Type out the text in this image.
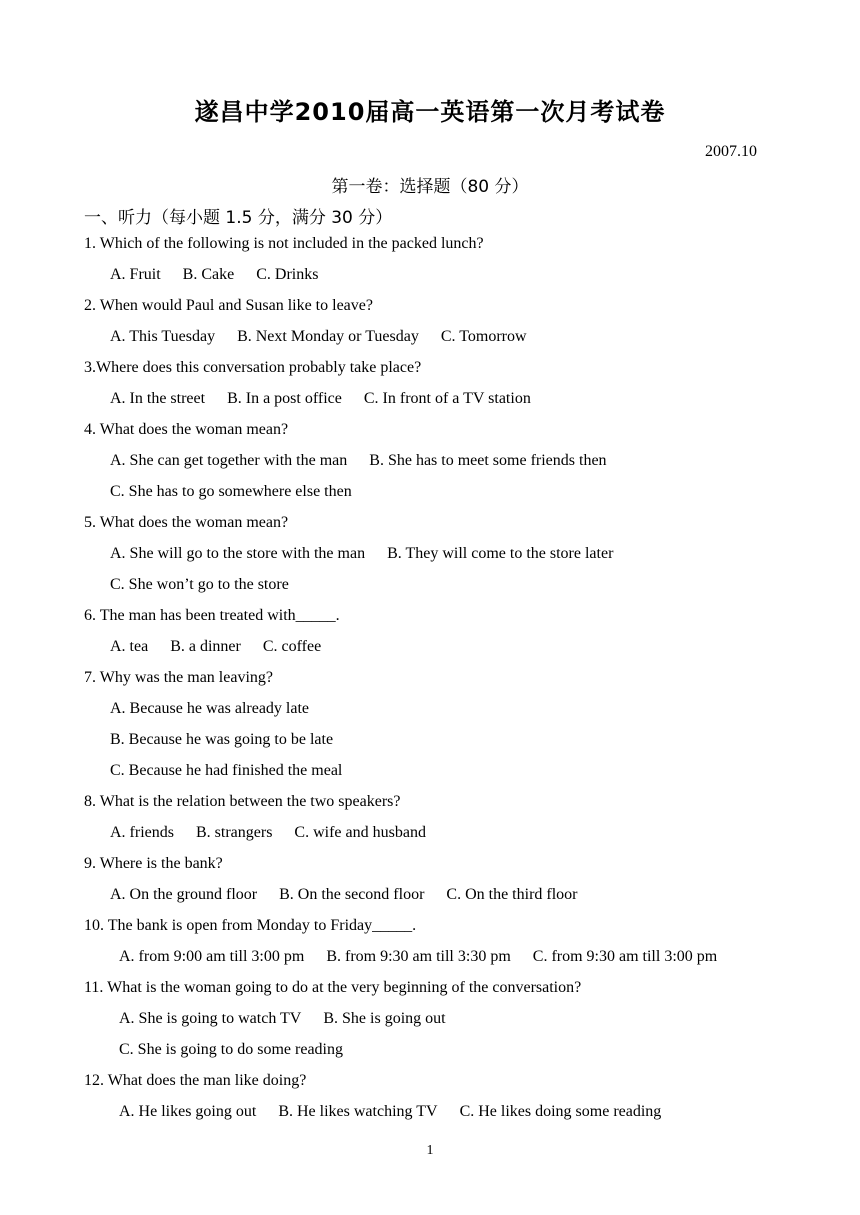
遂昌中学2010届高一英语第一次月考试卷
2007.10
第一卷：选择题（80 分）
一、听力（每小题 1.5 分，满分 30 分）
1. Which of the following is not included in the packed lunch?
A. Fruit B. Cake C. Drinks
2. When would Paul and Susan like to leave?
A. This Tuesday B. Next Monday or Tuesday C. Tomorrow
3.Where does this conversation probably take place?
A. In the street B. In a post office C. In front of a TV station
4. What does the woman mean?
A. She can get together with the man B. She has to meet some friends then
C. She has to go somewhere else then
5. What does the woman mean?
A. She will go to the store with the man B. They will come to the store later
C. She won’t go to the store
6. The man has been treated with_____.
A. tea B. a dinner C. coffee
7. Why was the man leaving?
A. Because he was already late
B. Because he was going to be late
C. Because he had finished the meal
8. What is the relation between the two speakers?
A. friends B. strangers C. wife and husband
9. Where is the bank?
A. On the ground floor B. On the second floor C. On the third floor
10. The bank is open from Monday to Friday_____.
A. from 9:00 am till 3:00 pm B. from 9:30 am till 3:30 pm C. from 9:30 am till 3:00 pm
11. What is the woman going to do at the very beginning of the conversation?
A. She is going to watch TV B. She is going out
C. She is going to do some reading
12. What does the man like doing?
A. He likes going out B. He likes watching TV C. He likes doing some reading
1
